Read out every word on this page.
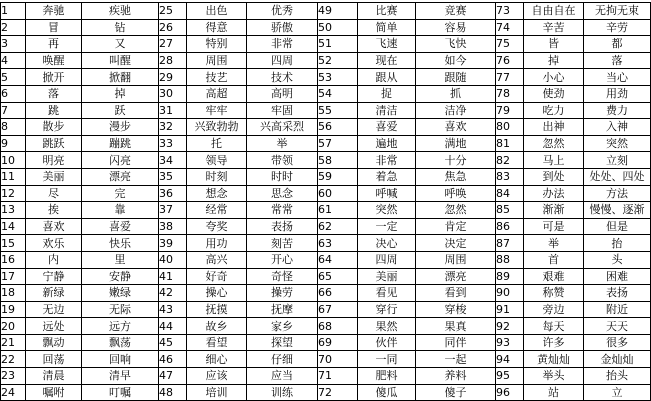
1	奔驰	疾驰	25	出色	优秀	49	比赛	竞赛	73	自由自在	无拘无束
2	冒	钻	26	得意	骄傲	50	简单	容易	74	辛苦	辛劳
3	再	又	27	特别	非常	51	飞速	飞快	75	皆	都
4	唤醒	叫醒	28	周围	四周	52	现在	如今	76	掉	落
5	掀开	掀翻	29	技艺	技术	53	跟从	跟随	77	小心	当心
6	落	掉	30	高超	高明	54	捉	抓	78	使劲	用劲
7	跳	跃	31	牢牢	牢固	55	清洁	洁净	79	吃力	费力
8	散步	漫步	32	兴致勃勃	兴高采烈	56	喜爱	喜欢	80	出神	入神
9	跳跃	蹦跳	33	托	举	57	遍地	满地	81	忽然	突然
10	明亮	闪亮	34	领导	带领	58	非常	十分	82	马上	立刻
11	美丽	漂亮	35	时刻	时时	59	着急	焦急	83	到处	处处、四处
12	尽	完	36	想念	思念	60	呼喊	呼唤	84	办法	方法
13	挨	靠	37	经常	常常	61	突然	忽然	85	渐渐	慢慢、逐渐
14	喜欢	喜爱	38	夸奖	表扬	62	一定	肯定	86	可是	但是
15	欢乐	快乐	39	用功	刻苦	63	决心	决定	87	举	抬
16	内	里	40	高兴	开心	64	四周	周围	88	首	头
17	宁静	安静	41	好奇	奇怪	65	美丽	漂亮	89	艰难	困难
18	新绿	嫩绿	42	操心	操劳	66	看见	看到	90	称赞	表扬
19	无边	无际	43	抚摸	抚摩	67	穿行	穿梭	91	旁边	附近
20	远处	远方	44	故乡	家乡	68	果然	果真	92	每天	天天
21	飘动	飘荡	45	看望	探望	69	伙伴	同伴	93	许多	很多
22	回荡	回响	46	细心	仔细	70	一同	一起	94	黄灿灿	金灿灿
23	清晨	清早	47	应该	应当	71	肥料	养料	95	举头	抬头
24	嘱咐	叮嘱	48	培训	训练	72	傻瓜	傻子	96	站	立
